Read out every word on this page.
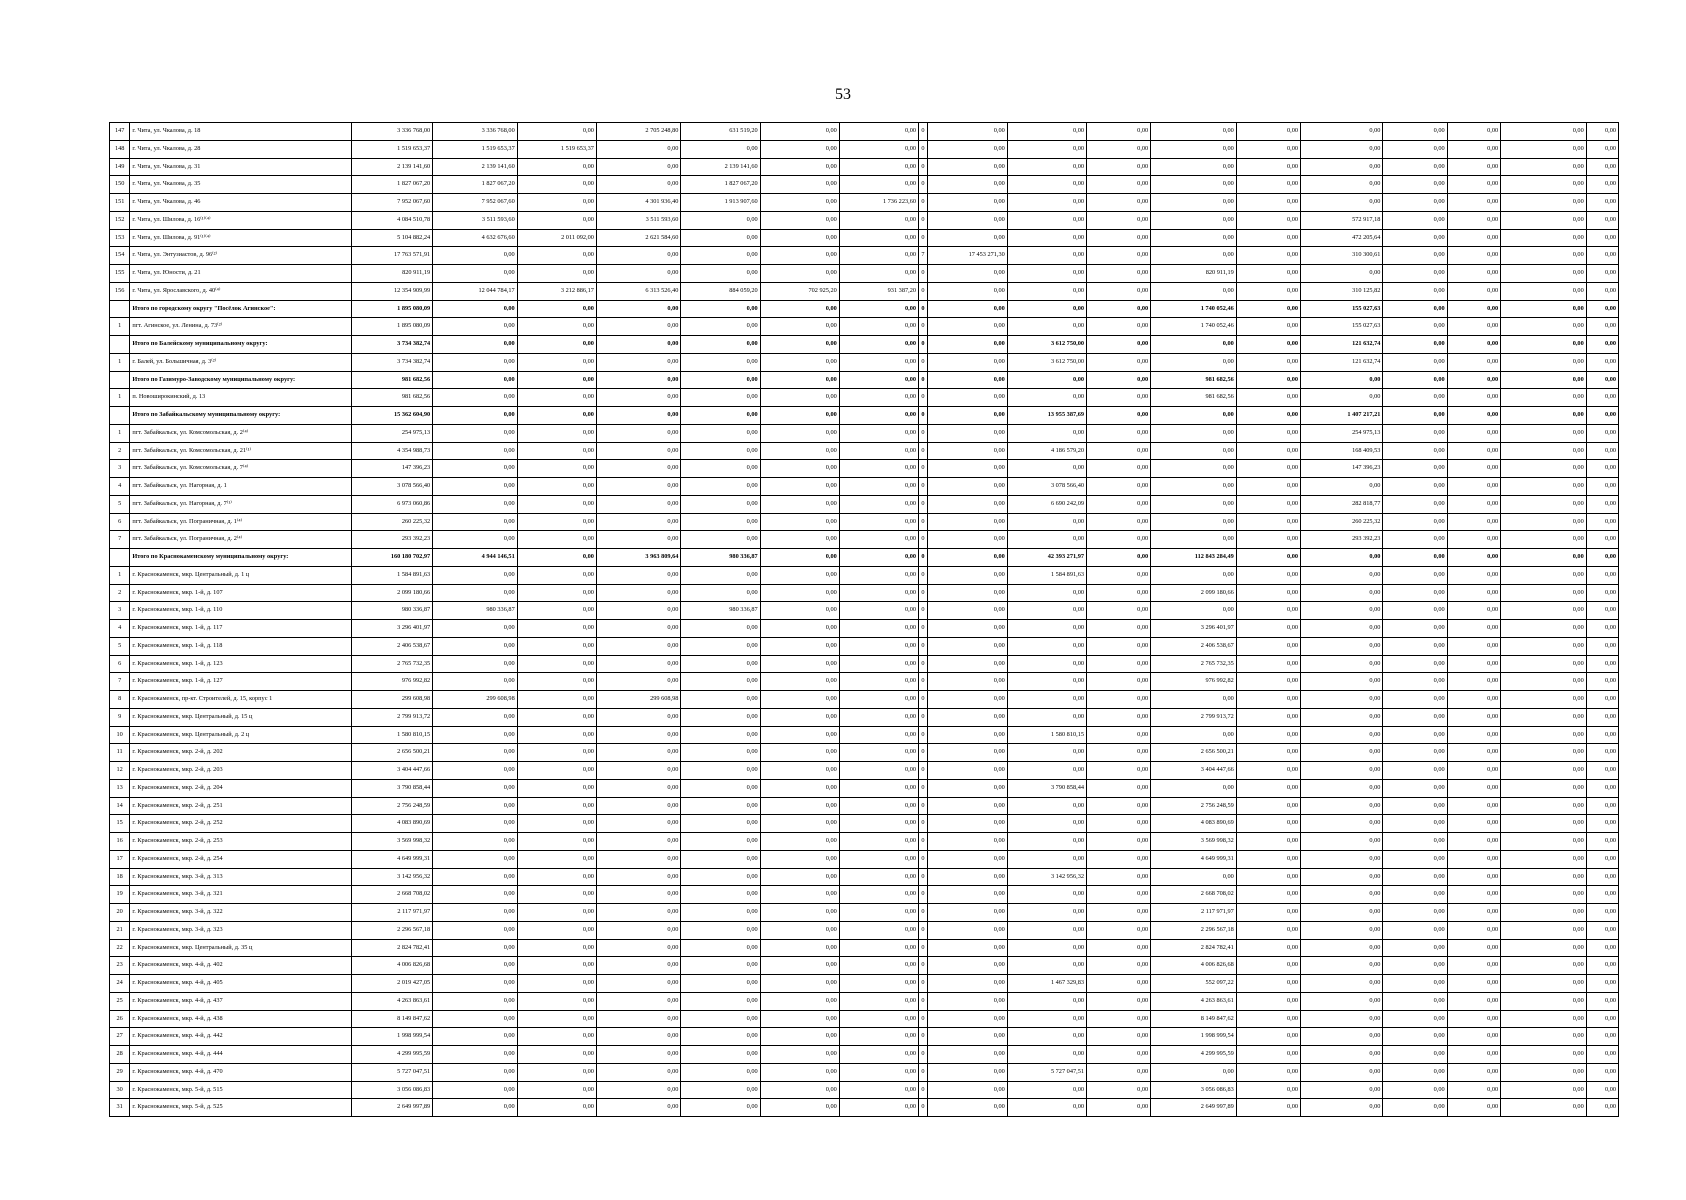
53
147	г. Чита, ул. Чкалова, д. 18	3 336 768,00	3 336 768,00	0,00	2 705 248,80	631 519,20	0,00	0,00	0	0,00	0,00	0,00	0,00	0,00	0,00	0,00	0,00	0,00	0,00
148	г. Чита, ул. Чкалова, д. 28	1 519 653,37	1 519 653,37	1 519 653,37	0,00	0,00	0,00	0,00	0	0,00	0,00	0,00	0,00	0,00	0,00	0,00	0,00	0,00	0,00
149	г. Чита, ул. Чкалова, д. 31	2 139 141,60	2 139 141,60	0,00	0,00	2 139 141,60	0,00	0,00	0	0,00	0,00	0,00	0,00	0,00	0,00	0,00	0,00	0,00	0,00
150	г. Чита, ул. Чкалова, д. 35	1 827 067,20	1 827 067,20	0,00	0,00	1 827 067,20	0,00	0,00	0	0,00	0,00	0,00	0,00	0,00	0,00	0,00	0,00	0,00	0,00
151	г. Чита, ул. Чкалова, д. 46	7 952 067,60	7 952 067,60	0,00	4 301 936,40	1 913 907,60	0,00	1 736 223,60	0	0,00	0,00	0,00	0,00	0,00	0,00	0,00	0,00	0,00	0,00
152	г. Чита, ул. Шилова, д. 16⁽¹⁾⁽⁴⁾	4 084 510,78	3 511 593,60	0,00	3 511 593,60	0,00	0,00	0,00	0	0,00	0,00	0,00	0,00	0,00	572 917,18	0,00	0,00	0,00	0,00
153	г. Чита, ул. Шилова, д. 91⁽¹⁾⁽⁴⁾	5 104 882,24	4 632 676,60	2 011 092,00	2 621 584,60	0,00	0,00	0,00	0	0,00	0,00	0,00	0,00	0,00	472 205,64	0,00	0,00	0,00	0,00
154	г. Чита, ул. Энтузиастов, д. 96⁽²⁾	17 763 571,91	0,00	0,00	0,00	0,00	0,00	0,00	7	17 453 271,30	0,00	0,00	0,00	0,00	310 300,61	0,00	0,00	0,00	0,00
155	г. Чита, ул. Юности, д. 21	820 911,19	0,00	0,00	0,00	0,00	0,00	0,00	0	0,00	0,00	0,00	820 911,19	0,00	0,00	0,00	0,00	0,00	0,00
156	г. Чита, ул. Ярославского, д. 40⁽⁴⁾	12 354 909,99	12 044 784,17	3 212 886,17	6 313 526,40	884 059,20	702 925,20	931 387,20	0	0,00	0,00	0,00	0,00	0,00	310 125,82	0,00	0,00	0,00	0,00
	Итого по городскому округу "Посёлок Агинское":	1 895 080,09	0,00	0,00	0,00	0,00	0,00	0,00	0	0,00	0,00	0,00	1 740 052,46	0,00	155 027,63	0,00	0,00	0,00	0,00
1	пгт. Агинское, ул. Ленина, д. 73⁽²⁾	1 895 080,09	0,00	0,00	0,00	0,00	0,00	0,00	0	0,00	0,00	0,00	1 740 052,46	0,00	155 027,63	0,00	0,00	0,00	0,00
	Итого по Балейскому муниципальному округу:	3 734 382,74	0,00	0,00	0,00	0,00	0,00	0,00	0	0,00	3 612 750,00	0,00	0,00	0,00	121 632,74	0,00	0,00	0,00	0,00
1	г. Балей, ул. Большичная, д. 3⁽²⁾	3 734 382,74	0,00	0,00	0,00	0,00	0,00	0,00	0	0,00	3 612 750,00	0,00	0,00	0,00	121 632,74	0,00	0,00	0,00	0,00
	Итого по Газимуро-Заводскому муниципальному округу:	981 682,56	0,00	0,00	0,00	0,00	0,00	0,00	0	0,00	0,00	0,00	981 682,56	0,00	0,00	0,00	0,00	0,00	0,00
1	п. Новоширокинский, д. 13	981 682,56	0,00	0,00	0,00	0,00	0,00	0,00	0	0,00	0,00	0,00	981 682,56	0,00	0,00	0,00	0,00	0,00	0,00
	Итого по Забайкальскому муниципальному округу:	15 362 604,90	0,00	0,00	0,00	0,00	0,00	0,00	0	0,00	13 955 387,69	0,00	0,00	0,00	1 407 217,21	0,00	0,00	0,00	0,00
1	пгт. Забайкальск, ул. Комсомольская, д. 2⁽⁴⁾	254 975,13	0,00	0,00	0,00	0,00	0,00	0,00	0	0,00	0,00	0,00	0,00	0,00	254 975,13	0,00	0,00	0,00	0,00
2	пгт. Забайкальск, ул. Комсомольская, д. 21⁽¹⁾	4 354 988,73	0,00	0,00	0,00	0,00	0,00	0,00	0	0,00	4 186 579,20	0,00	0,00	0,00	168 409,53	0,00	0,00	0,00	0,00
3	пгт. Забайкальск, ул. Комсомольская, д. 7⁽⁴⁾	147 396,23	0,00	0,00	0,00	0,00	0,00	0,00	0	0,00	0,00	0,00	0,00	0,00	147 396,23	0,00	0,00	0,00	0,00
4	пгт. Забайкальск, ул. Нагорная, д. 1	3 078 566,40	0,00	0,00	0,00	0,00	0,00	0,00	0	0,00	3 078 566,40	0,00	0,00	0,00	0,00	0,00	0,00	0,00	0,00
5	пгт. Забайкальск, ул. Нагорная, д. 7⁽¹⁾	6 973 060,86	0,00	0,00	0,00	0,00	0,00	0,00	0	0,00	6 690 242,09	0,00	0,00	0,00	282 818,77	0,00	0,00	0,00	0,00
6	пгт. Забайкальск, ул. Пограничная, д. 1⁽⁴⁾	260 225,32	0,00	0,00	0,00	0,00	0,00	0,00	0	0,00	0,00	0,00	0,00	0,00	260 225,32	0,00	0,00	0,00	0,00
7	пгт. Забайкальск, ул. Пограничная, д. 2⁽⁴⁾	293 392,23	0,00	0,00	0,00	0,00	0,00	0,00	0	0,00	0,00	0,00	0,00	0,00	293 392,23	0,00	0,00	0,00	0,00
	Итого по Краснокаменскому муниципальному округу:	160 180 702,97	4 944 146,51	0,00	3 963 809,64	980 336,87	0,00	0,00	0	0,00	42 393 271,97	0,00	112 843 284,49	0,00	0,00	0,00	0,00	0,00	0,00
1	г. Краснокаменск, мкр. Центральный, д. 1 ц	1 584 891,63	0,00	0,00	0,00	0,00	0,00	0,00	0	0,00	1 584 891,63	0,00	0,00	0,00	0,00	0,00	0,00	0,00	0,00
2	г. Краснокаменск, мкр. 1-й, д. 107	2 099 180,66	0,00	0,00	0,00	0,00	0,00	0,00	0	0,00	0,00	0,00	2 099 180,66	0,00	0,00	0,00	0,00	0,00	0,00
3	г. Краснокаменск, мкр. 1-й, д. 110	980 336,87	980 336,87	0,00	0,00	980 336,87	0,00	0,00	0	0,00	0,00	0,00	0,00	0,00	0,00	0,00	0,00	0,00	0,00
4	г. Краснокаменск, мкр. 1-й, д. 117	3 296 401,97	0,00	0,00	0,00	0,00	0,00	0,00	0	0,00	0,00	0,00	3 296 401,97	0,00	0,00	0,00	0,00	0,00	0,00
5	г. Краснокаменск, мкр. 1-й, д. 118	2 406 538,67	0,00	0,00	0,00	0,00	0,00	0,00	0	0,00	0,00	0,00	2 406 538,67	0,00	0,00	0,00	0,00	0,00	0,00
6	г. Краснокаменск, мкр. 1-й, д. 123	2 765 732,35	0,00	0,00	0,00	0,00	0,00	0,00	0	0,00	0,00	0,00	2 765 732,35	0,00	0,00	0,00	0,00	0,00	0,00
7	г. Краснокаменск, мкр. 1-й, д. 127	976 992,82	0,00	0,00	0,00	0,00	0,00	0,00	0	0,00	0,00	0,00	976 992,82	0,00	0,00	0,00	0,00	0,00	0,00
8	г. Краснокаменск, пр-кт. Строителей, д. 15, корпус 1	299 608,98	299 608,98	0,00	299 608,98	0,00	0,00	0,00	0	0,00	0,00	0,00	0,00	0,00	0,00	0,00	0,00	0,00	0,00
9	г. Краснокаменск, мкр. Центральный, д. 15 ц	2 799 913,72	0,00	0,00	0,00	0,00	0,00	0,00	0	0,00	0,00	0,00	2 799 913,72	0,00	0,00	0,00	0,00	0,00	0,00
10	г. Краснокаменск, мкр. Центральный, д. 2 ц	1 580 810,15	0,00	0,00	0,00	0,00	0,00	0,00	0	0,00	1 580 810,15	0,00	0,00	0,00	0,00	0,00	0,00	0,00	0,00
11	г. Краснокаменск, мкр. 2-й, д. 202	2 656 500,21	0,00	0,00	0,00	0,00	0,00	0,00	0	0,00	0,00	0,00	2 656 500,21	0,00	0,00	0,00	0,00	0,00	0,00
12	г. Краснокаменск, мкр. 2-й, д. 203	3 404 447,66	0,00	0,00	0,00	0,00	0,00	0,00	0	0,00	0,00	0,00	3 404 447,66	0,00	0,00	0,00	0,00	0,00	0,00
13	г. Краснокаменск, мкр. 2-й, д. 204	3 790 858,44	0,00	0,00	0,00	0,00	0,00	0,00	0	0,00	3 790 858,44	0,00	0,00	0,00	0,00	0,00	0,00	0,00	0,00
14	г. Краснокаменск, мкр. 2-й, д. 251	2 756 248,59	0,00	0,00	0,00	0,00	0,00	0,00	0	0,00	0,00	0,00	2 756 248,59	0,00	0,00	0,00	0,00	0,00	0,00
15	г. Краснокаменск, мкр. 2-й, д. 252	4 083 890,69	0,00	0,00	0,00	0,00	0,00	0,00	0	0,00	0,00	0,00	4 083 890,69	0,00	0,00	0,00	0,00	0,00	0,00
16	г. Краснокаменск, мкр. 2-й, д. 253	3 569 998,32	0,00	0,00	0,00	0,00	0,00	0,00	0	0,00	0,00	0,00	3 569 998,32	0,00	0,00	0,00	0,00	0,00	0,00
17	г. Краснокаменск, мкр. 2-й, д. 254	4 649 999,31	0,00	0,00	0,00	0,00	0,00	0,00	0	0,00	0,00	0,00	4 649 999,31	0,00	0,00	0,00	0,00	0,00	0,00
18	г. Краснокаменск, мкр. 3-й, д. 313	3 142 956,32	0,00	0,00	0,00	0,00	0,00	0,00	0	0,00	3 142 956,32	0,00	0,00	0,00	0,00	0,00	0,00	0,00	0,00
19	г. Краснокаменск, мкр. 3-й, д. 321	2 668 708,02	0,00	0,00	0,00	0,00	0,00	0,00	0	0,00	0,00	0,00	2 668 708,02	0,00	0,00	0,00	0,00	0,00	0,00
20	г. Краснокаменск, мкр. 3-й, д. 322	2 117 971,97	0,00	0,00	0,00	0,00	0,00	0,00	0	0,00	0,00	0,00	2 117 971,97	0,00	0,00	0,00	0,00	0,00	0,00
21	г. Краснокаменск, мкр. 3-й, д. 323	2 296 567,18	0,00	0,00	0,00	0,00	0,00	0,00	0	0,00	0,00	0,00	2 296 567,18	0,00	0,00	0,00	0,00	0,00	0,00
22	г. Краснокаменск, мкр. Центральный, д. 35 ц	2 824 782,41	0,00	0,00	0,00	0,00	0,00	0,00	0	0,00	0,00	0,00	2 824 782,41	0,00	0,00	0,00	0,00	0,00	0,00
23	г. Краснокаменск, мкр. 4-й, д. 402	4 006 826,68	0,00	0,00	0,00	0,00	0,00	0,00	0	0,00	0,00	0,00	4 006 826,68	0,00	0,00	0,00	0,00	0,00	0,00
24	г. Краснокаменск, мкр. 4-й, д. 405	2 019 427,05	0,00	0,00	0,00	0,00	0,00	0,00	0	0,00	1 467 329,83	0,00	552 097,22	0,00	0,00	0,00	0,00	0,00	0,00
25	г. Краснокаменск, мкр. 4-й, д. 437	4 263 863,61	0,00	0,00	0,00	0,00	0,00	0,00	0	0,00	0,00	0,00	4 263 863,61	0,00	0,00	0,00	0,00	0,00	0,00
26	г. Краснокаменск, мкр. 4-й, д. 438	8 149 847,62	0,00	0,00	0,00	0,00	0,00	0,00	0	0,00	0,00	0,00	8 149 847,62	0,00	0,00	0,00	0,00	0,00	0,00
27	г. Краснокаменск, мкр. 4-й, д. 442	1 998 999,54	0,00	0,00	0,00	0,00	0,00	0,00	0	0,00	0,00	0,00	1 998 999,54	0,00	0,00	0,00	0,00	0,00	0,00
28	г. Краснокаменск, мкр. 4-й, д. 444	4 299 995,59	0,00	0,00	0,00	0,00	0,00	0,00	0	0,00	0,00	0,00	4 299 995,59	0,00	0,00	0,00	0,00	0,00	0,00
29	г. Краснокаменск, мкр. 4-й, д. 470	5 727 047,51	0,00	0,00	0,00	0,00	0,00	0,00	0	0,00	5 727 047,51	0,00	0,00	0,00	0,00	0,00	0,00	0,00	0,00
30	г. Краснокаменск, мкр. 5-й, д. 515	3 056 086,83	0,00	0,00	0,00	0,00	0,00	0,00	0	0,00	0,00	0,00	3 056 086,83	0,00	0,00	0,00	0,00	0,00	0,00
31	г. Краснокаменск, мкр. 5-й, д. 525	2 649 997,89	0,00	0,00	0,00	0,00	0,00	0,00	0	0,00	0,00	0,00	2 649 997,89	0,00	0,00	0,00	0,00	0,00	0,00
